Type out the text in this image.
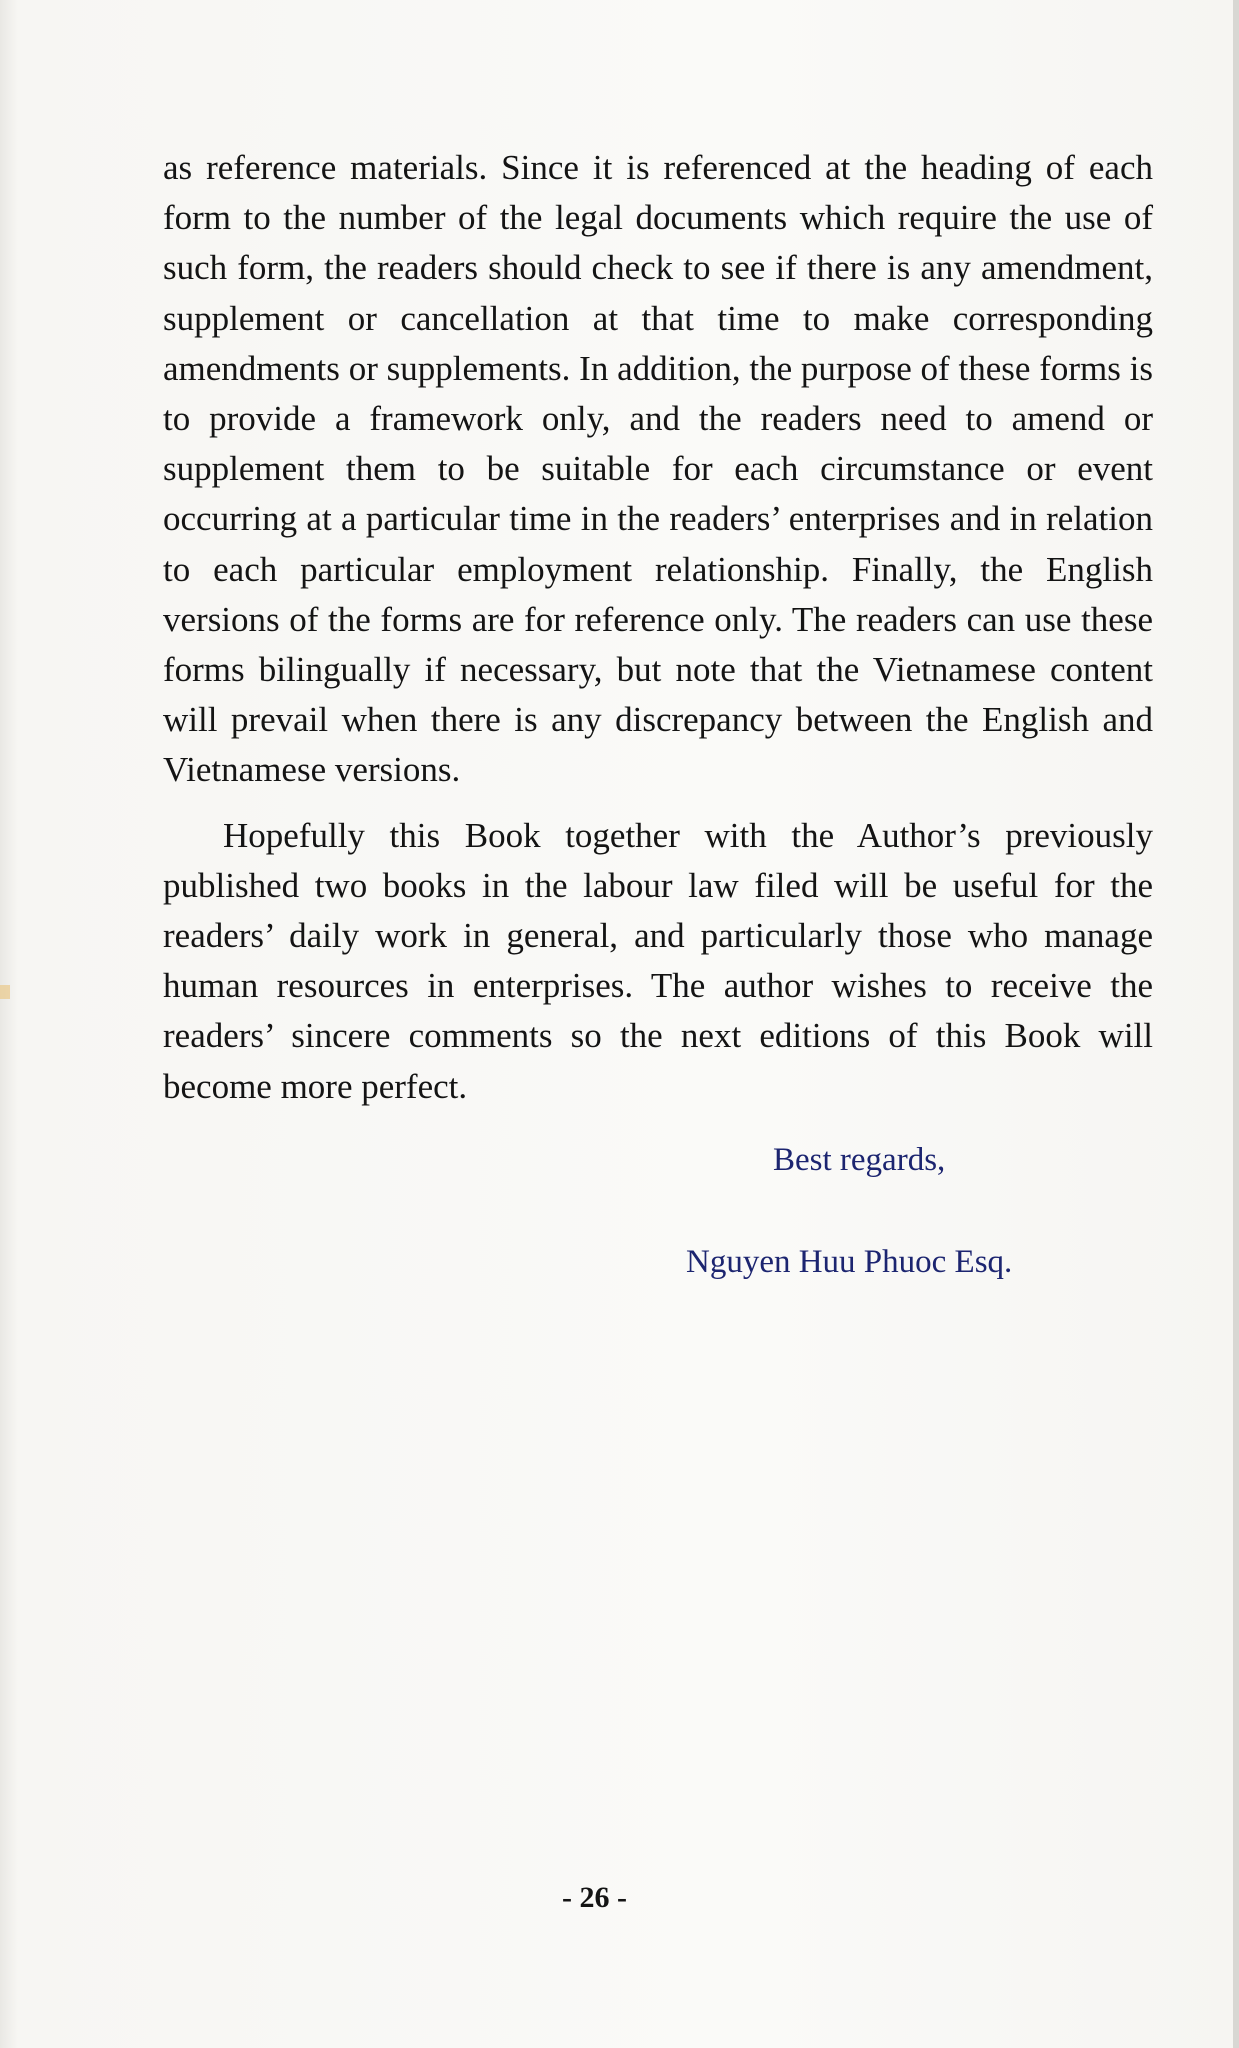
as reference materials. Since it is referenced at the heading of each form to the number of the legal documents which require the use of such form, the readers should check to see if there is any amendment, supplement or cancellation at that time to make corresponding amendments or supplements. In addition, the purpose of these forms is to provide a framework only, and the readers need to amend or supplement them to be suitable for each circumstance or event occurring at a particular time in the readers’ enterprises and in relation to each particular employment relationship. Finally, the English versions of the forms are for reference only. The readers can use these forms bilingually if necessary, but note that the Vietnamese content will prevail when there is any discrepancy between the English and Vietnamese versions.

Hopefully this Book together with the Author’s previously published two books in the labour law filed will be useful for the readers’ daily work in general, and particularly those who manage human resources in enterprises. The author wishes to receive the readers’ sincere comments so the next editions of this Book will become more perfect.

Best regards,
Nguyen Huu Phuoc Esq.
- 26 -
